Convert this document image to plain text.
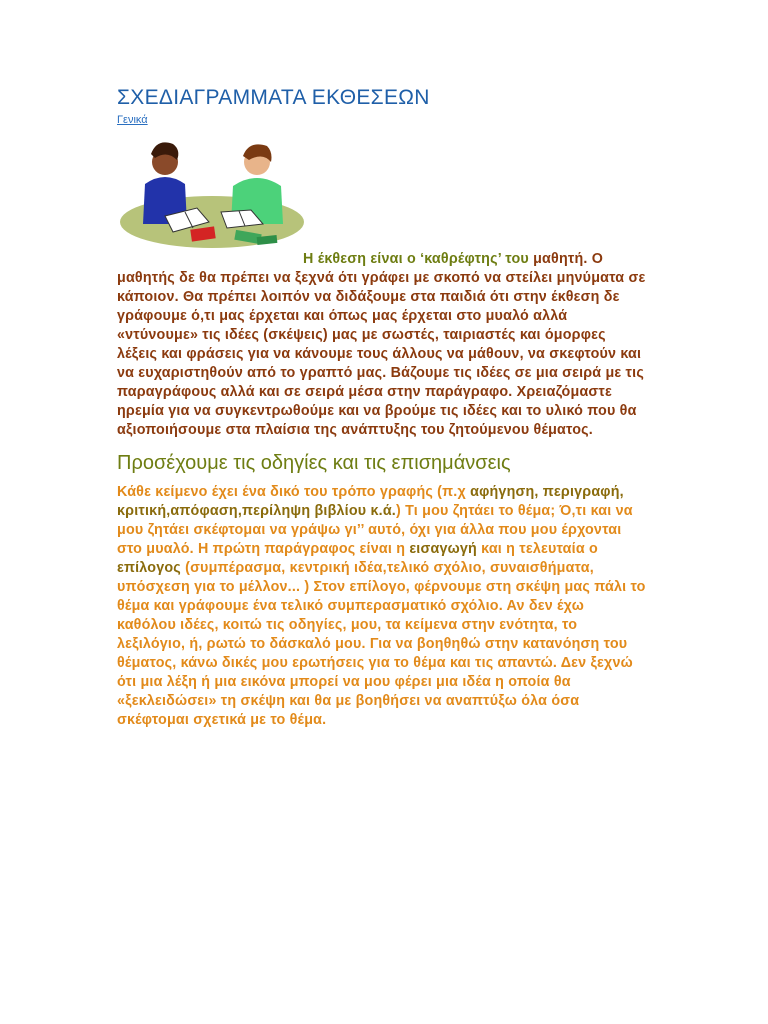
ΣΧΕΔΙΑΓΡΑΜΜΑΤΑ ΕΚΘΕΣΕΩΝ
Γενικά

Η έκθεση είναι ο ‘καθρέφτης’ του μαθητή. Ο μαθητής δε θα πρέπει να ξεχνά ότι γράφει με σκοπό να στείλει μηνύματα σε κάποιον. Θα πρέπει λοιπόν να διδάξουμε στα παιδιά ότι στην έκθεση δε γράφουμε ό,τι μας έρχεται και όπως μας έρχεται στο μυαλό αλλά «ντύνουμε» τις ιδέες (σκέψεις) μας με σωστές, ταιριαστές και όμορφες λέξεις και φράσεις για να κάνουμε τους άλλους να μάθουν, να σκεφτούν και να ευχαριστηθούν από το γραπτό μας. Βάζουμε τις ιδέες σε μια σειρά με τις παραγράφους αλλά και σε σειρά μέσα στην παράγραφο. Χρειαζόμαστε ηρεμία για να συγκεντρωθούμε και να βρούμε τις ιδέες και το υλικό που θα αξιοποιήσουμε στα πλαίσια της ανάπτυξης του ζητούμενου θέματος.

Προσέχουμε τις οδηγίες και τις επισημάνσεις

Κάθε κείμενο έχει ένα δικό του τρόπο γραφής (π.χ αφήγηση, περιγραφή, κριτική,απόφαση,περίληψη βιβλίου κ.ά.) Τι μου ζητάει το θέμα; Ό,τι και να μου ζητάει σκέφτομαι να γράψω γι’’ αυτό, όχι για άλλα που μου έρχονται στο μυαλό. Η πρώτη παράγραφος είναι η εισαγωγή και η τελευταία ο επίλογος (συμπέρασμα, κεντρική ιδέα,τελικό σχόλιο, συναισθήματα, υπόσχεση για το μέλλον... ) Στον επίλογο, φέρνουμε στη σκέψη μας πάλι το θέμα και γράφουμε ένα τελικό συμπερασματικό σχόλιο. Αν δεν έχω καθόλου ιδέες, κοιτώ τις οδηγίες, μου, τα κείμενα στην ενότητα, το λεξιλόγιο, ή, ρωτώ το δάσκαλό μου. Για να βοηθηθώ στην κατανόηση του θέματος, κάνω δικές μου ερωτήσεις για το θέμα και τις απαντώ. Δεν ξεχνώ ότι μια λέξη ή μια εικόνα μπορεί να μου φέρει μια ιδέα η οποία θα «ξεκλειδώσει» τη σκέψη και θα με βοηθήσει να αναπτύξω όλα όσα σκέφτομαι σχετικά με το θέμα.
